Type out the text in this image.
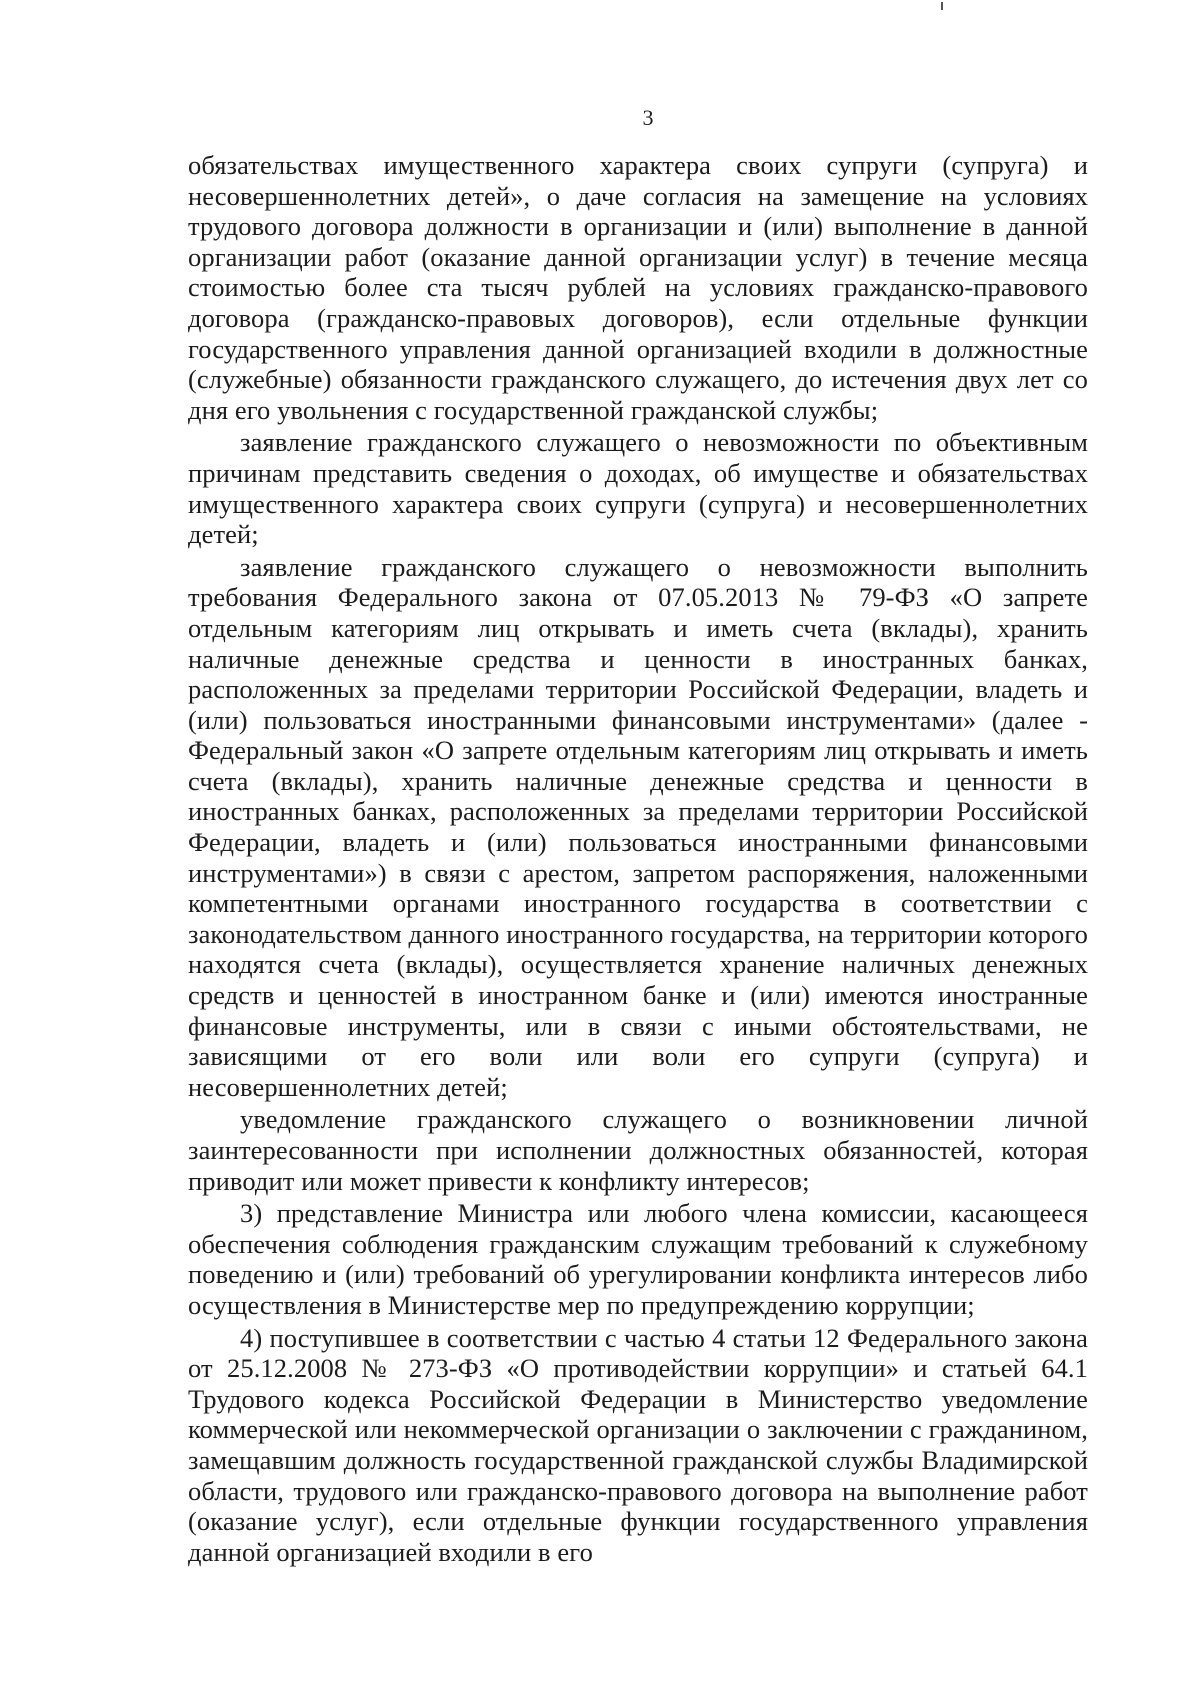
3

обязательствах имущественного характера своих супруги (супруга) и несовершеннолетних детей», о даче согласия на замещение на условиях трудового договора должности в организации и (или) выполнение в данной организации работ (оказание данной организации услуг) в течение месяца стоимостью более ста тысяч рублей на условиях гражданско-правового договора (гражданско-правовых договоров), если отдельные функции государственного управления данной организацией входили в должностные (служебные) обязанности гражданского служащего, до истечения двух лет со дня его увольнения с государственной гражданской службы;

заявление гражданского служащего о невозможности по объективным причинам представить сведения о доходах, об имуществе и обязательствах имущественного характера своих супруги (супруга) и несовершеннолетних детей;

заявление гражданского служащего о невозможности выполнить требования Федерального закона от 07.05.2013 № 79-ФЗ «О запрете отдельным категориям лиц открывать и иметь счета (вклады), хранить наличные денежные средства и ценности в иностранных банках, расположенных за пределами территории Российской Федерации, владеть и (или) пользоваться иностранными финансовыми инструментами» (далее - Федеральный закон «О запрете отдельным категориям лиц открывать и иметь счета (вклады), хранить наличные денежные средства и ценности в иностранных банках, расположенных за пределами территории Российской Федерации, владеть и (или) пользоваться иностранными финансовыми инструментами») в связи с арестом, запретом распоряжения, наложенными компетентными органами иностранного государства в соответствии с законодательством данного иностранного государства, на территории которого находятся счета (вклады), осуществляется хранение наличных денежных средств и ценностей в иностранном банке и (или) имеются иностранные финансовые инструменты, или в связи с иными обстоятельствами, не зависящими от его воли или воли его супруги (супруга) и несовершеннолетних детей;

уведомление гражданского служащего о возникновении личной заинтересованности при исполнении должностных обязанностей, которая приводит или может привести к конфликту интересов;

3) представление Министра или любого члена комиссии, касающееся обеспечения соблюдения гражданским служащим требований к служебному поведению и (или) требований об урегулировании конфликта интересов либо осуществления в Министерстве мер по предупреждению коррупции;

4) поступившее в соответствии с частью 4 статьи 12 Федерального закона от 25.12.2008 № 273-ФЗ «О противодействии коррупции» и статьей 64.1 Трудового кодекса Российской Федерации в Министерство уведомление коммерческой или некоммерческой организации о заключении с гражданином, замещавшим должность государственной гражданской службы Владимирской области, трудового или гражданско-правового договора на выполнение работ (оказание услуг), если отдельные функции государственного управления данной организацией входили в его
